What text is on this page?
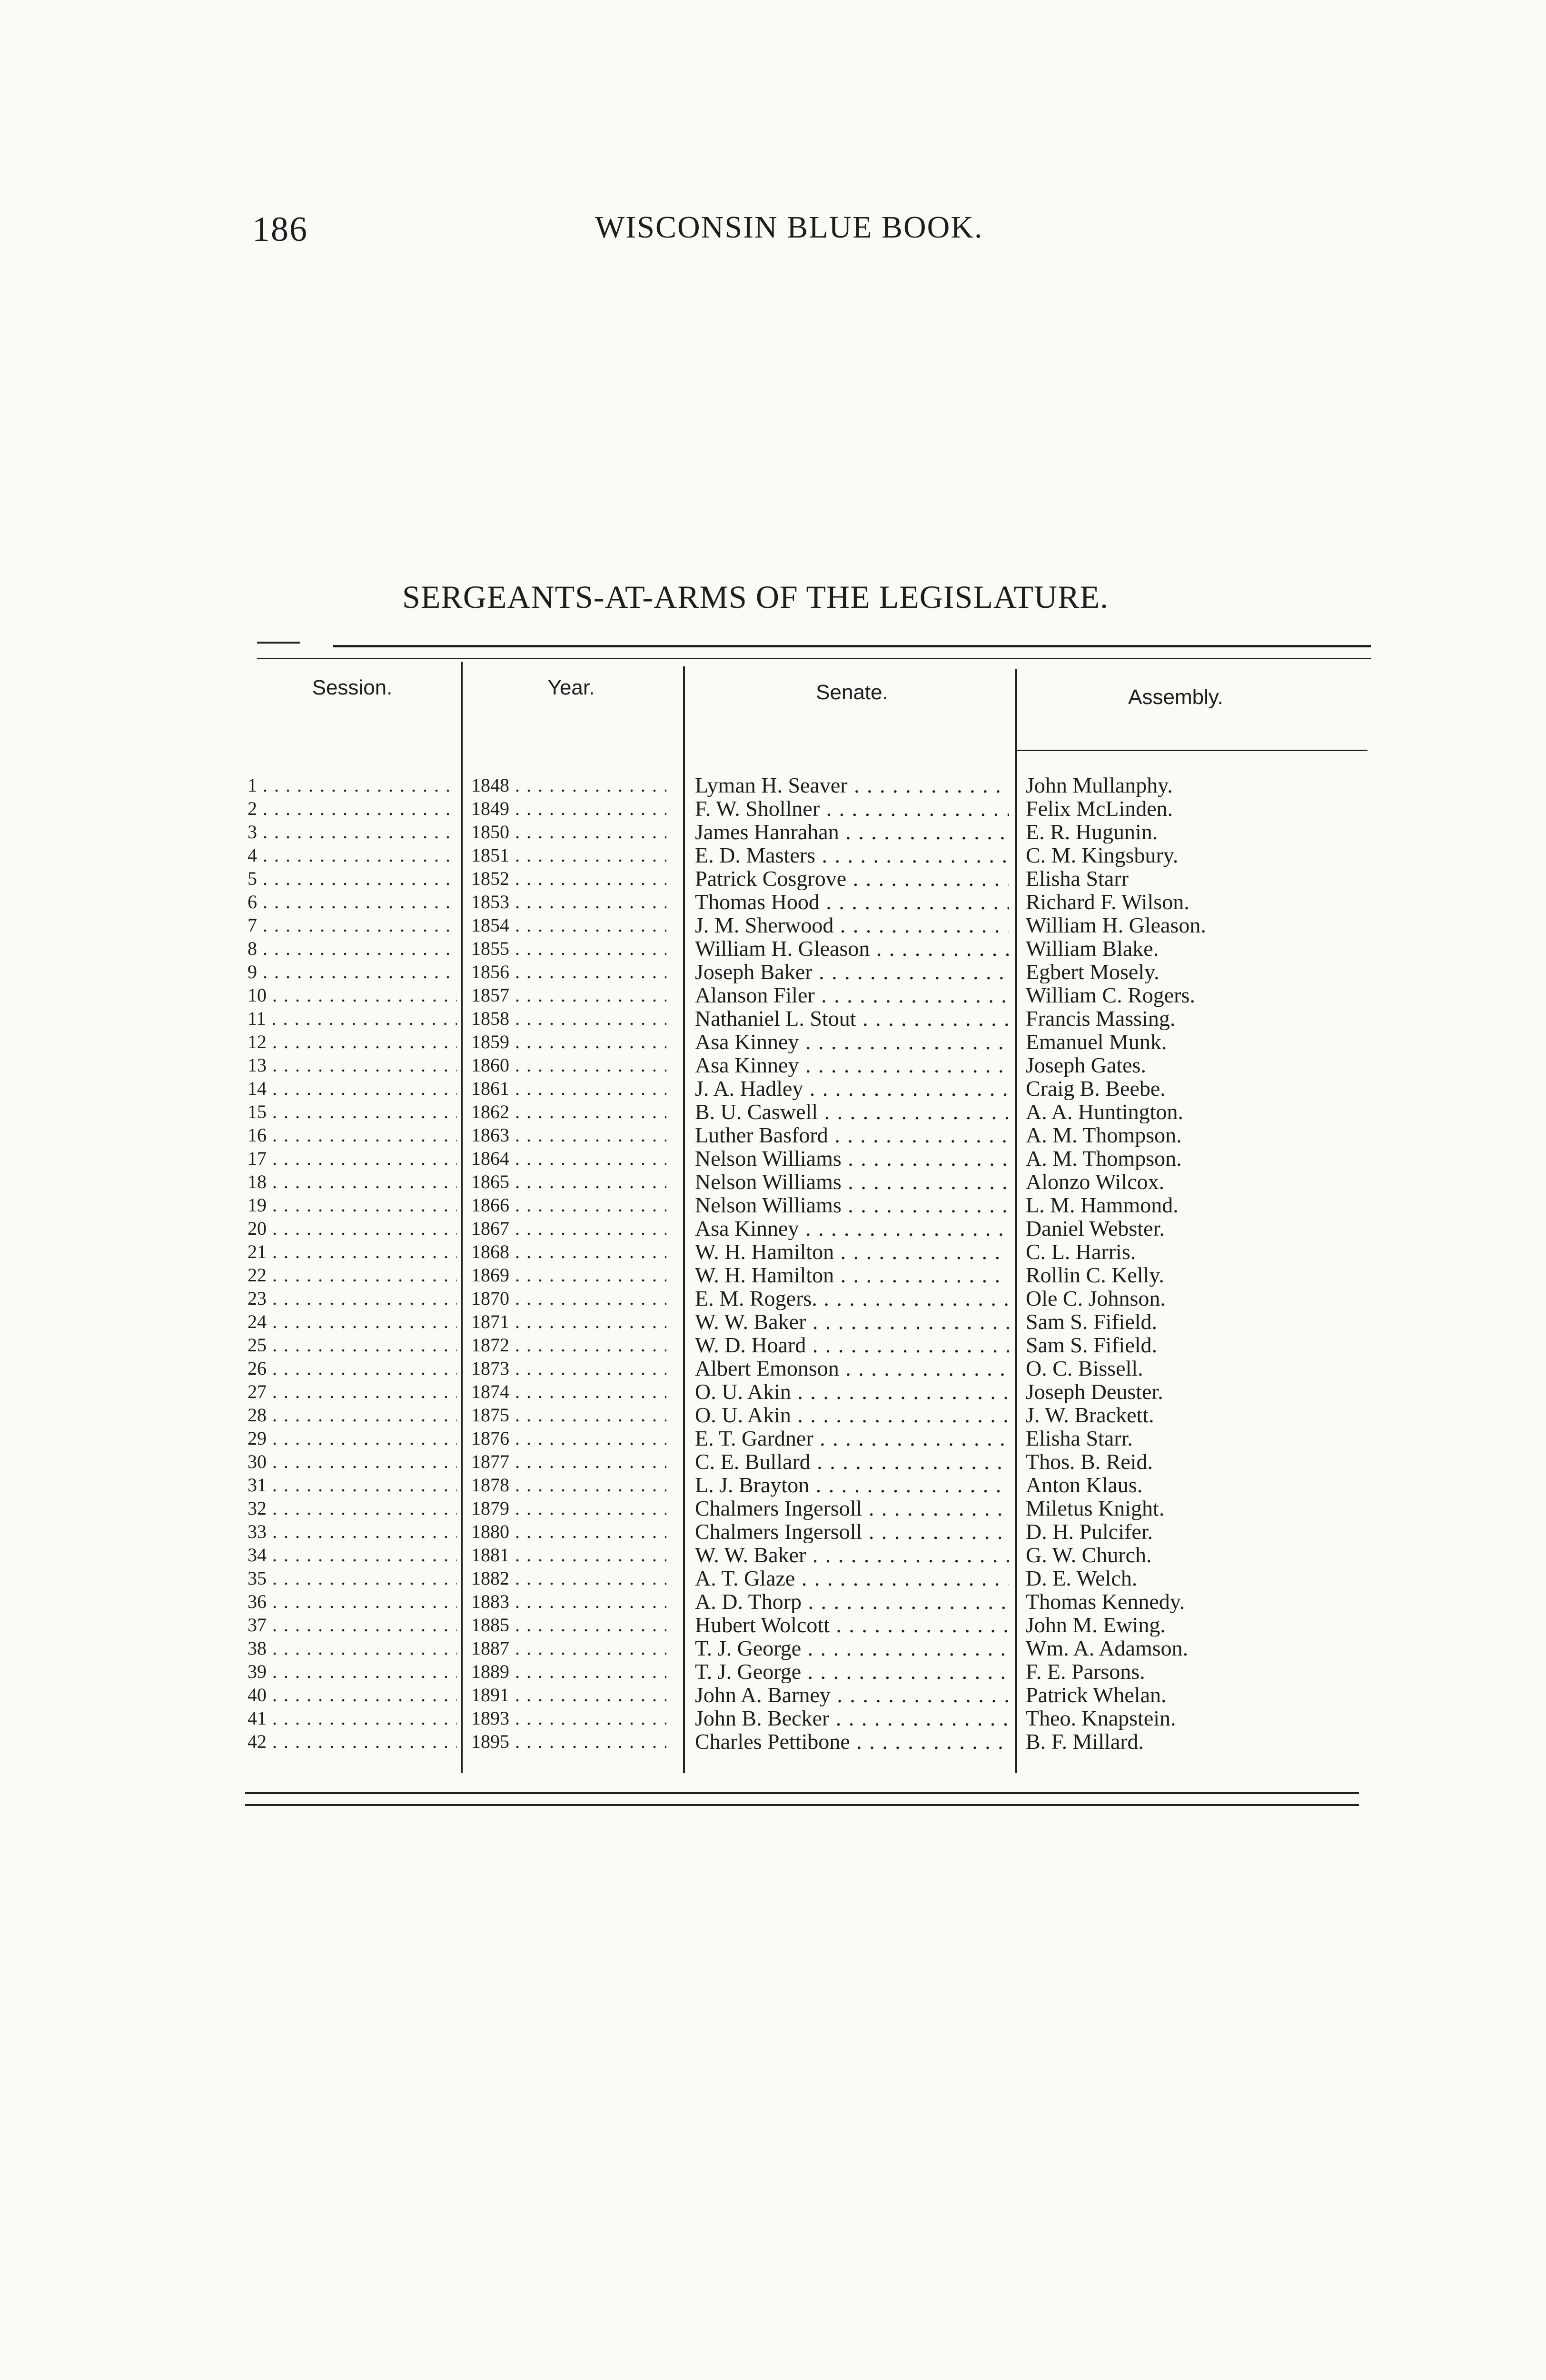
186	WISCONSIN BLUE BOOK.
SERGEANTS-AT-ARMS OF THE LEGISLATURE.
Session.	Year.	Senate.	Assembly.
1 . . .	1848 . . .	Lyman H. Seaver . . .	John Mullanphy.
2 . . .	1849 . . .	F. W. Shollner . . .	Felix McLinden.
3 . . .	1850 . . .	James Hanrahan . . .	E. R. Hugunin.
4 . . .	1851 . . .	E. D. Masters . . .	C. M. Kingsbury.
5 . . .	1852 . . .	Patrick Cosgrove . . .	Elisha Starr
6 . . .	1853 . . .	Thomas Hood . . .	Richard F. Wilson.
7 . . .	1854 . . .	J. M. Sherwood . . .	William H. Gleason.
8 . . .	1855 . . .	William H. Gleason . . .	William Blake.
9 . . .	1856 . . .	Joseph Baker . . .	Egbert Mosely.
10 . . .	1857 . . .	Alanson Filer . . .	William C. Rogers.
11 . . .	1858 . . .	Nathaniel L. Stout . . .	Francis Massing.
12 . . .	1859 . . .	Asa Kinney . . .	Emanuel Munk.
13 . . .	1860 . . .	Asa Kinney . . .	Joseph Gates.
14 . . .	1861 . . .	J. A. Hadley . . .	Craig B. Beebe.
15 . . .	1862 . . .	B. U. Caswell . . .	A. A. Huntington.
16 . . .	1863 . . .	Luther Basford . . .	A. M. Thompson.
17 . . .	1864 . . .	Nelson Williams . . .	A. M. Thompson.
18 . . .	1865 . . .	Nelson Williams . . .	Alonzo Wilcox.
19 . . .	1866 . . .	Nelson Williams . . .	L. M. Hammond.
20 . . .	1867 . . .	Asa Kinney . . .	Daniel Webster.
21 . . .	1868 . . .	W. H. Hamilton . . .	C. L. Harris.
22 . . .	1869 . . .	W. H. Hamilton . . .	Rollin C. Kelly.
23 . . .	1870 . . .	E. M. Rogers. . . .	Ole C. Johnson.
24 . . .	1871 . . .	W. W. Baker . . .	Sam S. Fifield.
25 . . .	1872 . . .	W. D. Hoard . . .	Sam S. Fifield.
26 . . .	1873 . . .	Albert Emonson . . .	O. C. Bissell.
27 . . .	1874 . . .	O. U. Akin . . .	Joseph Deuster.
28 . . .	1875 . . .	O. U. Akin . . .	J. W. Brackett.
29 . . .	1876 . . .	E. T. Gardner . . .	Elisha Starr.
30 . . .	1877 . . .	C. E. Bullard . . .	Thos. B. Reid.
31 . . .	1878 . . .	L. J. Brayton . . .	Anton Klaus.
32 . . .	1879 . . .	Chalmers Ingersoll . . .	Miletus Knight.
33 . . .	1880 . . .	Chalmers Ingersoll . . .	D. H. Pulcifer.
34 . . .	1881 . . .	W. W. Baker . . .	G. W. Church.
35 . . .	1882 . . .	A. T. Glaze . . .	D. E. Welch.
36 . . .	1883 . . .	A. D. Thorp . . .	Thomas Kennedy.
37 . . .	1885 . . .	Hubert Wolcott . . .	John M. Ewing.
38 . . .	1887 . . .	T. J. George . . .	Wm. A. Adamson.
39 . . .	1889 . . .	T. J. George . . .	F. E. Parsons.
40 . . .	1891 . . .	John A. Barney . . .	Patrick Whelan.
41 . . .	1893 . . .	John B. Becker . . .	Theo. Knapstein.
42 . . .	1895 . . .	Charles Pettibone . . .	B. F. Millard.
